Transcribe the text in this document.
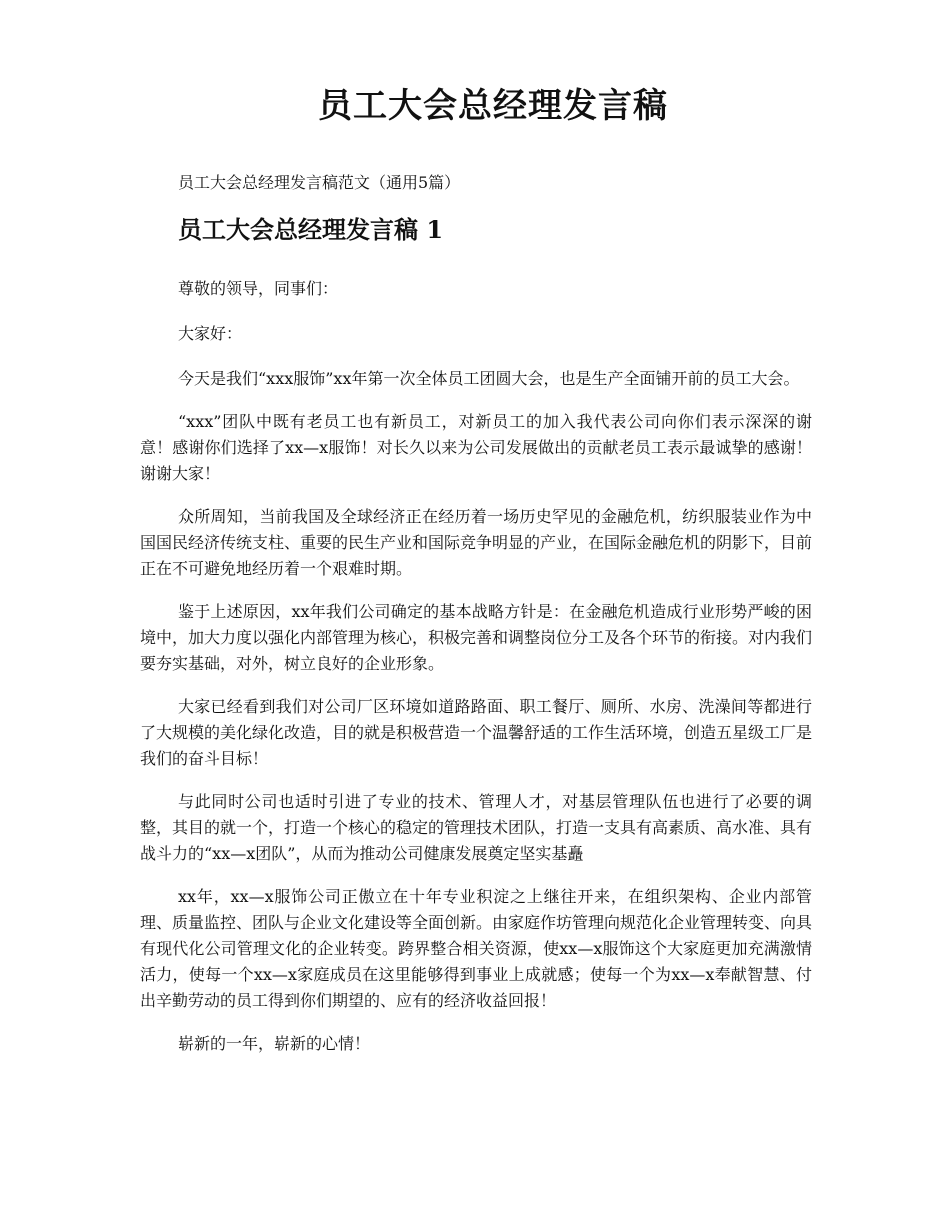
员工大会总经理发言稿

员工大会总经理发言稿范文（通用5篇）

员工大会总经理发言稿 1

尊敬的领导，同事们：

大家好：

今天是我们“xxx服饰”xx年第一次全体员工团圆大会，也是生产全面铺开前的员工大会。

“xxx”团队中既有老员工也有新员工，对新员工的加入我代表公司向你们表示深深的谢意！感谢你们选择了xx—x服饰！对长久以来为公司发展做出的贡献老员工表示最诚挚的感谢！谢谢大家！

众所周知，当前我国及全球经济正在经历着一场历史罕见的金融危机，纺织服装业作为中国国民经济传统支柱、重要的民生产业和国际竞争明显的产业，在国际金融危机的阴影下，目前正在不可避免地经历着一个艰难时期。

鉴于上述原因，xx年我们公司确定的基本战略方针是：在金融危机造成行业形势严峻的困境中，加大力度以强化内部管理为核心，积极完善和调整岗位分工及各个环节的衔接。对内我们要夯实基础，对外，树立良好的企业形象。

大家已经看到我们对公司厂区环境如道路路面、职工餐厅、厕所、水房、洗澡间等都进行了大规模的美化绿化改造，目的就是积极营造一个温馨舒适的工作生活环境，创造五星级工厂是我们的奋斗目标！

与此同时公司也适时引进了专业的技术、管理人才，对基层管理队伍也进行了必要的调整，其目的就一个，打造一个核心的稳定的管理技术团队，打造一支具有高素质、高水准、具有战斗力的“xx—x团队”，从而为推动公司健康发展奠定坚实基矗

xx年，xx—x服饰公司正傲立在十年专业积淀之上继往开来，在组织架构、企业内部管理、质量监控、团队与企业文化建设等全面创新。由家庭作坊管理向规范化企业管理转变、向具有现代化公司管理文化的企业转变。跨界整合相关资源，使xx—x服饰这个大家庭更加充满激情活力，使每一个xx—x家庭成员在这里能够得到事业上成就感；使每一个为xx—x奉献智慧、付出辛勤劳动的员工得到你们期望的、应有的经济收益回报！

崭新的一年，崭新的心情！
